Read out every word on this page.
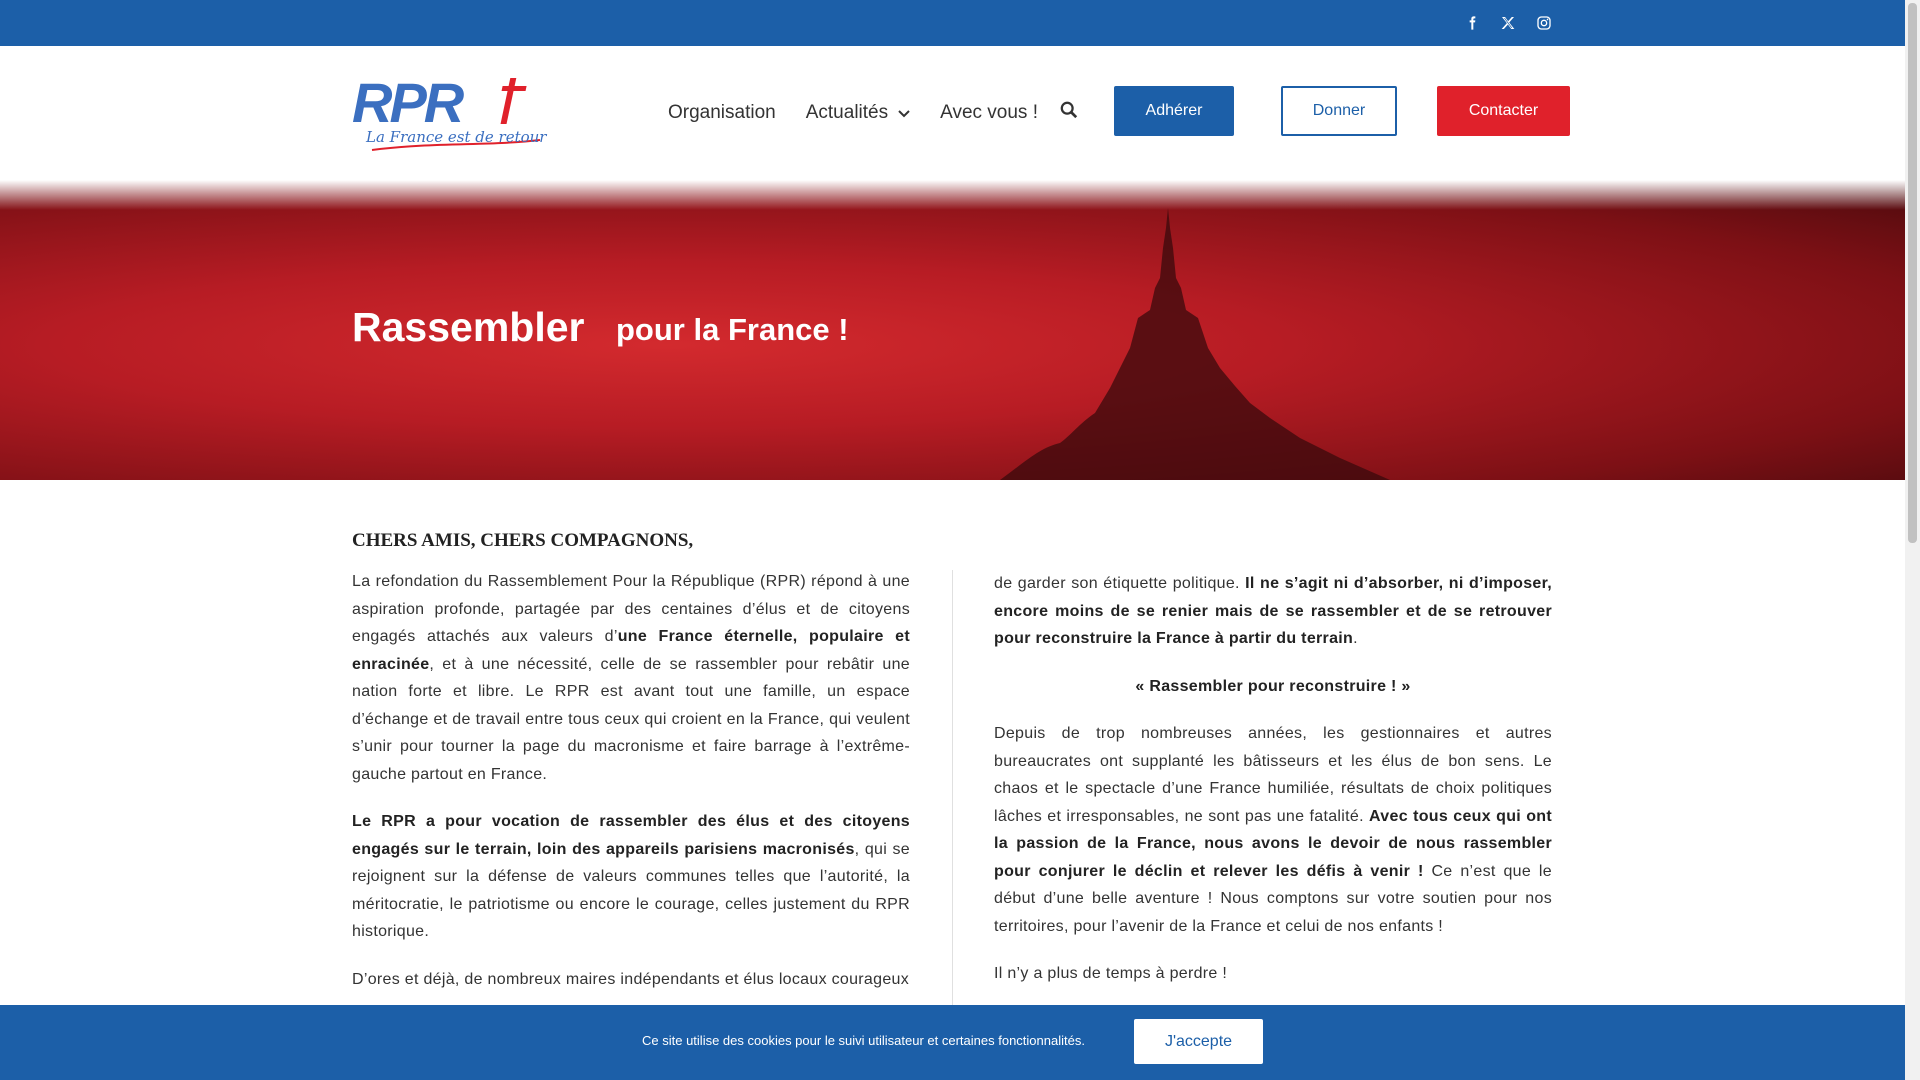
RPR
La France est de retour !
Organisation Actualités	Avec vous !	Adhérer	Donner	Contacter
Rassembler pour la France !
CHERS AMIS, CHERS COMPAGNONS,

La refondation du Rassemblement Pour la République (RPR) répond à une aspiration profonde, partagée par des centaines d’élus et de citoyens engagés attachés aux valeurs d’une France éternelle, populaire et enracinée, et à une nécessité, celle de se rassembler pour rebâtir une nation forte et libre. Le RPR est avant tout une famille, un espace d’échange et de travail entre tous ceux qui croient en la France, qui veulent s’unir pour tourner la page du macronisme et faire barrage à l’extrême-gauche partout en France.

Le RPR a pour vocation de rassembler des élus et des citoyens engagés sur le terrain, loin des appareils parisiens macronisés, qui se rejoignent sur la défense de valeurs communes telles que l’autorité, la méritocratie, le patriotisme ou encore le courage, celles justement du RPR historique.

D’ores et déjà, de nombreux maires indépendants et élus locaux courageux

de garder son étiquette politique. Il ne s’agit ni d’absorber, ni d’imposer, encore moins de se renier mais de se rassembler et de se retrouver pour reconstruire la France à partir du terrain.

« Rassembler pour reconstruire ! »

Depuis de trop nombreuses années, les gestionnaires et autres bureaucrates ont supplanté les bâtisseurs et les élus de bon sens. Le chaos et le spectacle d’une France humiliée, résultats de choix politiques lâches et irresponsables, ne sont pas une fatalité. Avec tous ceux qui ont la passion de la France, nous avons le devoir de nous rassembler pour conjurer le déclin et relever les défis à venir ! Ce n’est que le début d’une belle aventure ! Nous comptons sur votre soutien pour nos territoires, pour l’avenir de la France et celui de nos enfants !

Il n’y a plus de temps à perdre !

Ce site utilise des cookies pour le suivi utilisateur et certaines fonctionnalités.	J'accepte
